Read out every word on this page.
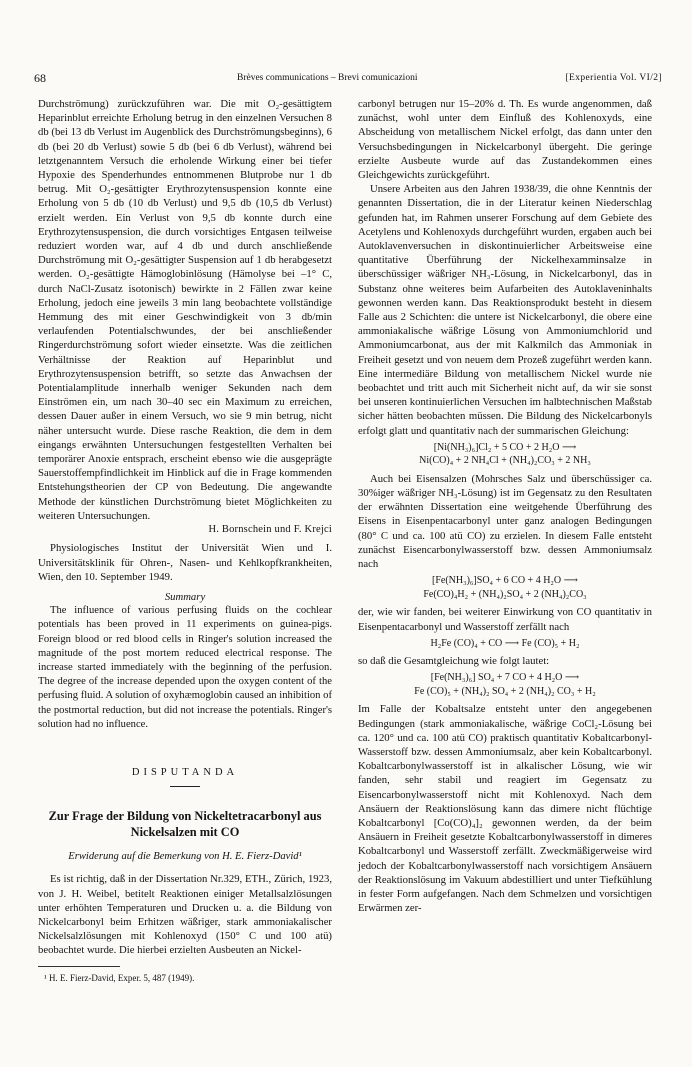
68	Brèves communications – Brevi comunicazioni	[Experientia Vol. VI/2]

Durchströmung) zurückzuführen war. Die mit O₂-gesättigtem Heparinblut erreichte Erholung betrug in den einzelnen Versuchen 8 db (bei 13 db Verlust im Augenblick des Durchströmungsbeginns), 6 db (bei 20 db Verlust) sowie 5 db (bei 6 db Verlust), während bei letztgenanntem Versuch die erholende Wirkung einer bei tiefer Hypoxie des Spenderhundes entnommenen Blutprobe nur 1 db betrug. Mit O₂-gesättigter Erythrozytensuspension konnte eine Erholung von 5 db (10 db Verlust) und 9,5 db (10,5 db Verlust) erzielt werden. Ein Verlust von 9,5 db konnte durch eine Erythrozytensuspension, die durch vorsichtiges Entgasen teilweise reduziert worden war, auf 4 db und durch anschließende Durchströmung mit O₂-gesättigter Suspension auf 1 db herabgesetzt werden. O₂-gesättigte Hämoglobinlösung (Hämolyse bei –1° C, durch NaCl-Zusatz isotonisch) bewirkte in 2 Fällen zwar keine Erholung, jedoch eine jeweils 3 min lang beobachtete vollständige Hemmung des mit einer Geschwindigkeit von 3 db/min verlaufenden Potentialschwundes, der bei anschließender Ringerdurchströmung sofort wieder einsetzte. Was die zeitlichen Verhältnisse der Reaktion auf Heparinblut und Erythrozytensuspension betrifft, so setzte das Anwachsen der Potentialamplitude innerhalb weniger Sekunden nach dem Einströmen ein, um nach 30–40 sec ein Maximum zu erreichen, dessen Dauer außer in einem Versuch, wo sie 9 min betrug, nicht näher untersucht wurde. Diese rasche Reaktion, die dem in dem eingangs erwähnten Untersuchungen festgestellten Verhalten bei temporärer Anoxie entsprach, erscheint ebenso wie die ausgeprägte Sauerstoffempfindlichkeit im Hinblick auf die in Frage kommenden Entstehungstheorien der CP von Bedeutung. Die angewandte Methode der künstlichen Durchströmung bietet Möglichkeiten zu weiteren Untersuchungen.

H. Bornschein und F. Krejci

Physiologisches Institut der Universität Wien und I. Universitätsklinik für Ohren-, Nasen- und Kehlkopfkrankheiten, Wien, den 10. September 1949.

Summary

The influence of various perfusing fluids on the cochlear potentials has been proved in 11 experiments on guinea-pigs. Foreign blood or red blood cells in Ringer's solution increased the magnitude of the post mortem reduced electrical response. The increase started immediately with the beginning of the perfusion. The degree of the increase depended upon the oxygen content of the perfusing fluid. A solution of oxyhæmoglobin caused an inhibition of the postmortal reduction, but did not increase the potentials. Ringer's solution had no influence.

DISPUTANDA

Zur Frage der Bildung von Nickeltetracarbonyl aus Nickelsalzen mit CO

Erwiderung auf die Bemerkung von H. E. Fierz-David¹

Es ist richtig, daß in der Dissertation Nr.329, ETH., Zürich, 1923, von J. H. Weibel, betitelt Reaktionen einiger Metallsalzlösungen unter erhöhten Temperaturen und Drucken u. a. die Bildung von Nickelcarbonyl beim Erhitzen wäßriger, stark ammoniakalischer Nickelsalzlösungen mit Kohlenoxyd (150° C und 100 atü) beobachtet wurde. Die hierbei erzielten Ausbeuten an Nickel-

¹ H. E. Fierz-David, Exper. 5, 487 (1949).

carbonyl betrugen nur 15–20% d. Th. Es wurde angenommen, daß zunächst, wohl unter dem Einfluß des Kohlenoxyds, eine Abscheidung von metallischem Nickel erfolgt, das dann unter den Versuchsbedingungen in Nickelcarbonyl übergeht. Die geringe erzielte Ausbeute wurde auf das Zustandekommen eines Gleichgewichts zurückgeführt.

Unsere Arbeiten aus den Jahren 1938/39, die ohne Kenntnis der genannten Dissertation, die in der Literatur keinen Niederschlag gefunden hat, im Rahmen unserer Forschung auf dem Gebiete des Acetylens und Kohlenoxyds durchgeführt wurden, ergaben auch bei Autoklavenversuchen in diskontinuierlicher Arbeitsweise eine quantitative Überführung der Nickelhexamminsalze in überschüssiger wäßriger NH₃-Lösung, in Nickelcarbonyl, das in Substanz ohne weiteres beim Aufarbeiten des Autoklaveninhalts gewonnen werden kann. Das Reaktionsprodukt besteht in diesem Falle aus 2 Schichten: die untere ist Nickelcarbonyl, die obere eine ammoniakalische wäßrige Lösung von Ammoniumchlorid und Ammoniumcarbonat, aus der mit Kalkmilch das Ammoniak in Freiheit gesetzt und von neuem dem Prozeß zugeführt werden kann. Eine intermediäre Bildung von metallischem Nickel wurde nie beobachtet und tritt auch mit Sicherheit nicht auf, da wir sie sonst bei unseren kontinuierlichen Versuchen im halbtechnischen Maßstab sicher hätten beobachten müssen. Die Bildung des Nickelcarbonyls erfolgt glatt und quantitativ nach der summarischen Gleichung:

[Ni(NH₃)₆]Cl₂ + 5 CO + 2 H₂O ⟶
Ni(CO)₄ + 2 NH₄Cl + (NH₄)₂CO₃ + 2 NH₃

Auch bei Eisensalzen (Mohrsches Salz und überschüssiger ca. 30%iger wäßriger NH₃-Lösung) ist im Gegensatz zu den Resultaten der erwähnten Dissertation eine weitgehende Überführung des Eisens in Eisenpentacarbonyl unter ganz analogen Bedingungen (80° C und ca. 100 atü CO) zu erzielen. In diesem Falle entsteht zunächst Eisencarbonylwasserstoff bzw. dessen Ammoniumsalz nach

[Fe(NH₃)₆]SO₄ + 6 CO + 4 H₂O ⟶
Fe(CO)₄H₂ + (NH₄)₂SO₄ + 2 (NH₄)₂CO₃

der, wie wir fanden, bei weiterer Einwirkung von CO quantitativ in Eisenpentacarbonyl und Wasserstoff zerfällt nach

H₂Fe (CO)₄ + CO ⟶ Fe (CO)₅ + H₂

so daß die Gesamtgleichung wie folgt lautet:

[Fe(NH₃)₆] SO₄ + 7 CO + 4 H₂O ⟶
Fe (CO)₅ + (NH₄)₂ SO₄ + 2 (NH₄)₂ CO₃ + H₂

Im Falle der Kobaltsalze entsteht unter den angegebenen Bedingungen (stark ammoniakalische, wäßrige CoCl₂-Lösung bei ca. 120° und ca. 100 atü CO) praktisch quantitativ Kobaltcarbonyl-Wasserstoff bzw. dessen Ammoniumsalz, aber kein Kobaltcarbonyl. Kobaltcarbonylwasserstoff ist in alkalischer Lösung, wie wir fanden, sehr stabil und reagiert im Gegensatz zu Eisencarbonylwasserstoff nicht mit Kohlenoxyd. Nach dem Ansäuern der Reaktionslösung kann das dimere nicht flüchtige Kobaltcarbonyl [Co(CO)₄]₂ gewonnen werden, da der beim Ansäuern in Freiheit gesetzte Kobaltcarbonylwasserstoff in dimeres Kobaltcarbonyl und Wasserstoff zerfällt. Zweckmäßigerweise wird jedoch der Kobaltcarbonylwasserstoff nach vorsichtigem Ansäuern der Reaktionslösung im Vakuum abdestilliert und unter Tiefkühlung in fester Form aufgefangen. Nach dem Schmelzen und vorsichtigen Erwärmen zer-
